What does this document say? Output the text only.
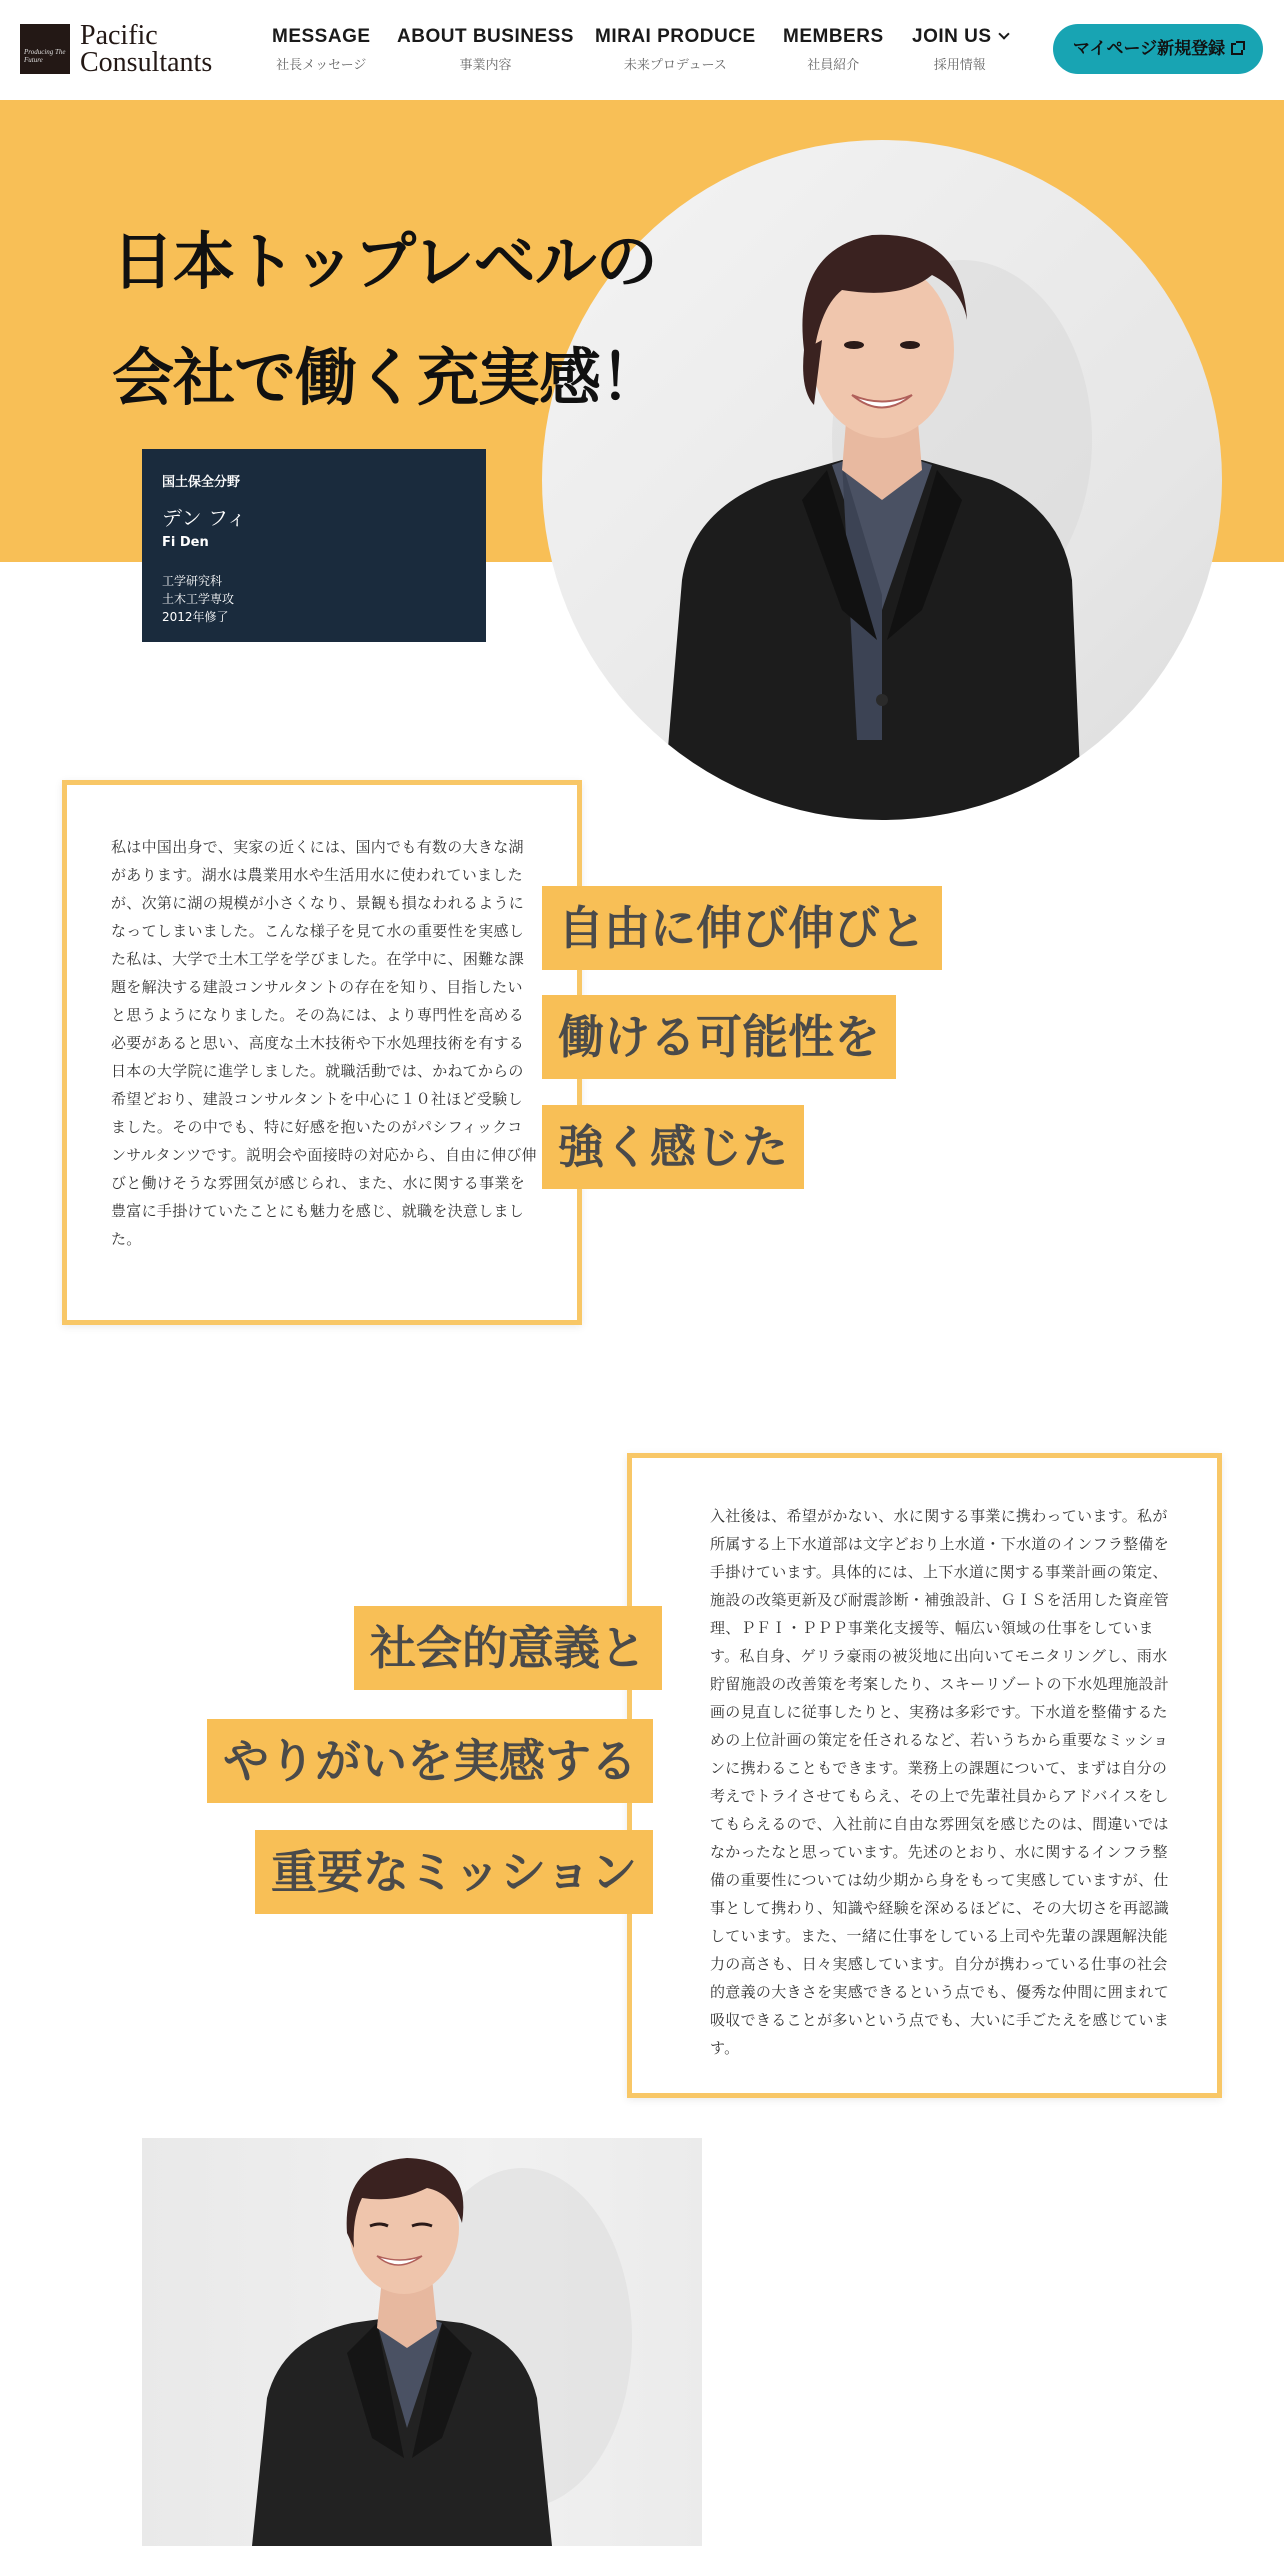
Producing The Future
Pacific
Consultants
MESSAGE
社長メッセージ
ABOUT BUSINESS
事業内容
MIRAI PRODUCE
未来プロデュース
MEMBERS
社員紹介
JOIN US
採用情報
マイページ新規登録
日本トップレベルの
会社で働く充実感！
国土保全分野
デン フィ
Fi Den
工学研究科
土木工学専攻
2012年修了

私は中国出身で、実家の近くには、国内でも有数の大きな湖があります。湖水は農業用水や生活用水に使われていましたが、次第に湖の規模が小さくなり、景観も損なわれるようになってしまいました。こんな様子を見て水の重要性を実感した私は、大学で土木工学を学びました。在学中に、困難な課題を解決する建設コンサルタントの存在を知り、目指したいと思うようになりました。その為には、より専門性を高める必要があると思い、高度な土木技術や下水処理技術を有する日本の大学院に進学しました。就職活動では、かねてからの希望どおり、建設コンサルタントを中心に１０社ほど受験しました。その中でも、特に好感を抱いたのがパシフィックコンサルタンツです。説明会や面接時の対応から、自由に伸び伸びと働けそうな雰囲気が感じられ、また、水に関する事業を豊富に手掛けていたことにも魅力を感じ、就職を決意しました。

自由に伸び伸びと
働ける可能性を
強く感じた

入社後は、希望がかない、水に関する事業に携わっています。私が所属する上下水道部は文字どおり上水道・下水道のインフラ整備を手掛けています。具体的には、上下水道に関する事業計画の策定、施設の改築更新及び耐震診断・補強設計、ＧＩＳを活用した資産管理、ＰＦＩ・ＰＰＰ事業化支援等、幅広い領域の仕事をしています。私自身、ゲリラ豪雨の被災地に出向いてモニタリングし、雨水貯留施設の改善策を考案したり、スキーリゾートの下水処理施設計画の見直しに従事したりと、実務は多彩です。下水道を整備するための上位計画の策定を任されるなど、若いうちから重要なミッションに携わることもできます。業務上の課題について、まずは自分の考えでトライさせてもらえ、その上で先輩社員からアドバイスをしてもらえるので、入社前に自由な雰囲気を感じたのは、間違いではなかったなと思っています。先述のとおり、水に関するインフラ整備の重要性については幼少期から身をもって実感していますが、仕事として携わり、知識や経験を深めるほどに、その大切さを再認識しています。また、一緒に仕事をしている上司や先輩の課題解決能力の高さも、日々実感しています。自分が携わっている仕事の社会的意義の大きさを実感できるという点でも、優秀な仲間に囲まれて吸収できることが多いという点でも、大いに手ごたえを感じています。

社会的意義と
やりがいを実感する
重要なミッション
